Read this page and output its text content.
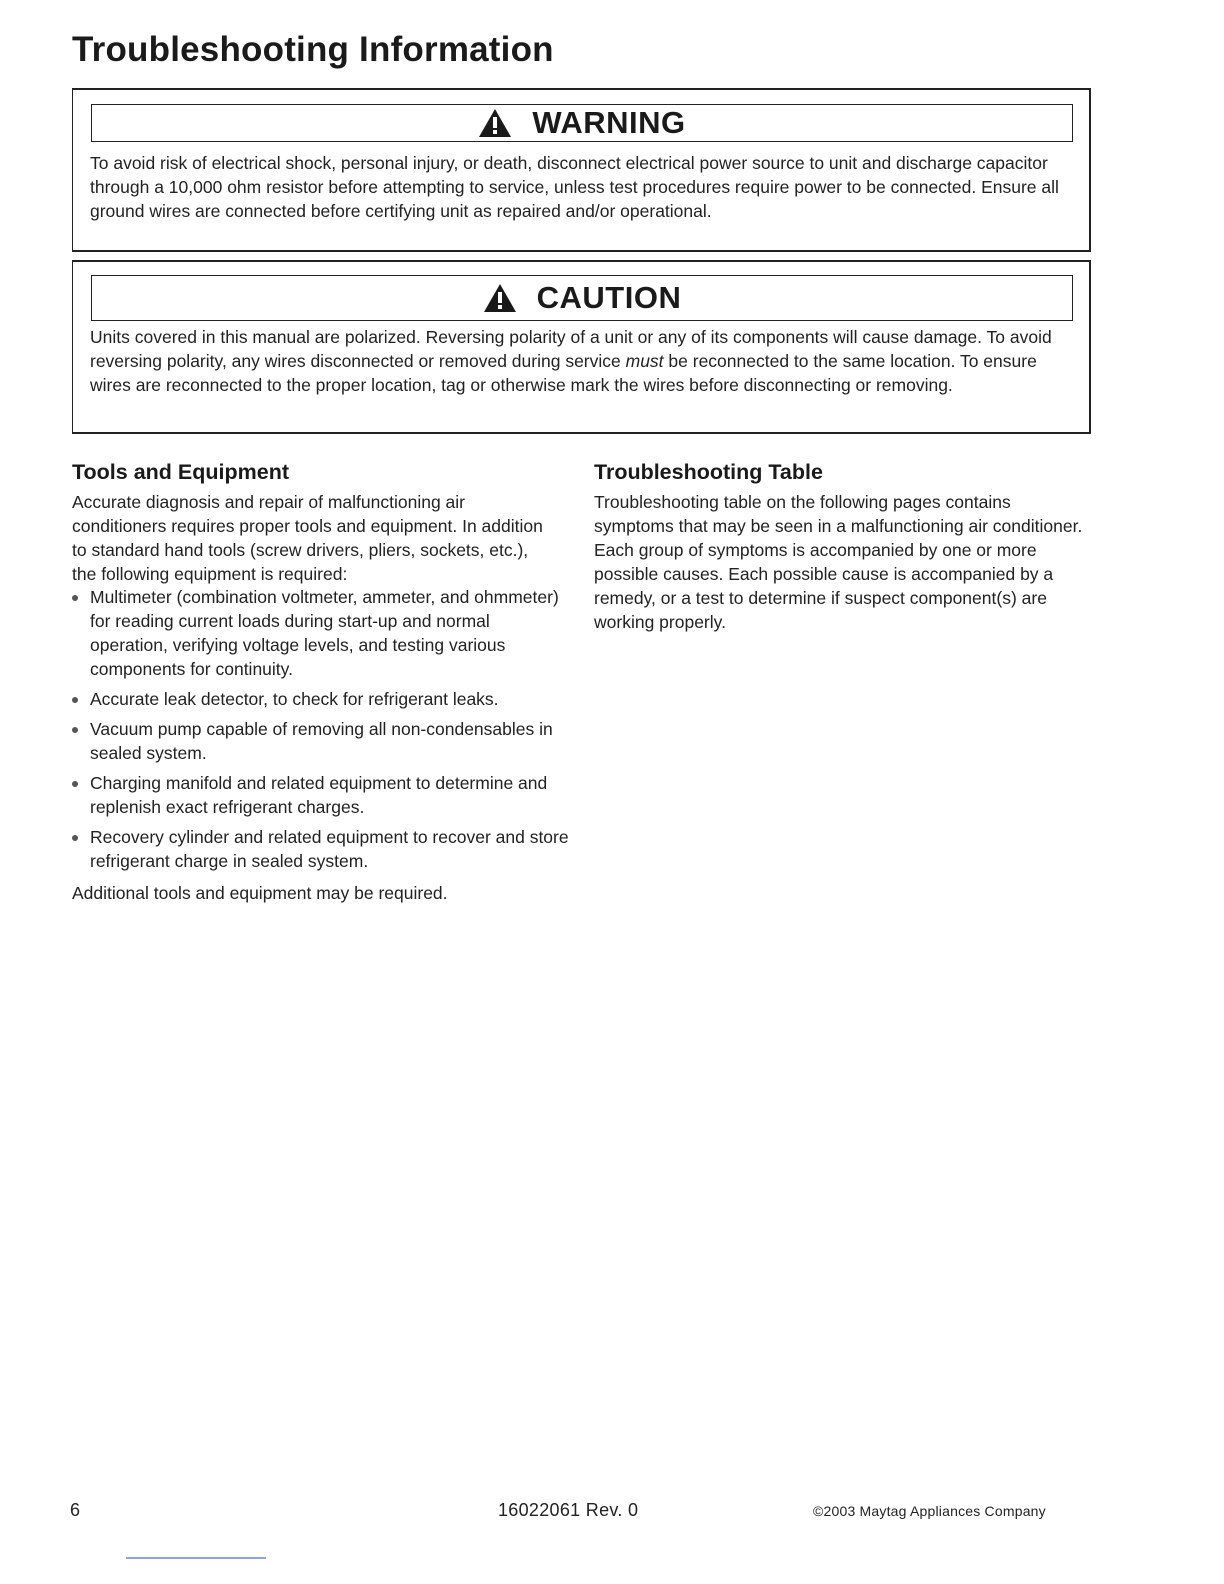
Troubleshooting Information
WARNING

To avoid risk of electrical shock, personal injury, or death, disconnect electrical power source to unit and discharge capacitor through a 10,000 ohm resistor before attempting to service, unless test procedures require power to be connected. Ensure all ground wires are connected before certifying unit as repaired and/or operational.

CAUTION

Units covered in this manual are polarized. Reversing polarity of a unit or any of its components will cause damage. To avoid reversing polarity, any wires disconnected or removed during service must be reconnected to the same location. To ensure wires are reconnected to the proper location, tag or otherwise mark the wires before disconnecting or removing.

Tools and Equipment

Accurate diagnosis and repair of malfunctioning air conditioners requires proper tools and equipment. In addition to standard hand tools (screw drivers, pliers, sockets, etc.), the following equipment is required:

Multimeter (combination voltmeter, ammeter, and ohmmeter) for reading current loads during start-up and normal operation, verifying voltage levels, and testing various components for continuity.
Accurate leak detector, to check for refrigerant leaks.
Vacuum pump capable of removing all non-condensables in sealed system.
Charging manifold and related equipment to determine and replenish exact refrigerant charges.
Recovery cylinder and related equipment to recover and store refrigerant charge in sealed system.

Additional tools and equipment may be required.

Troubleshooting Table

Troubleshooting table on the following pages contains symptoms that may be seen in a malfunctioning air conditioner. Each group of symptoms is accompanied by one or more possible causes. Each possible cause is accompanied by a remedy, or a test to determine if suspect component(s) are working properly.

6	16022061 Rev. 0	©2003 Maytag Appliances Company
